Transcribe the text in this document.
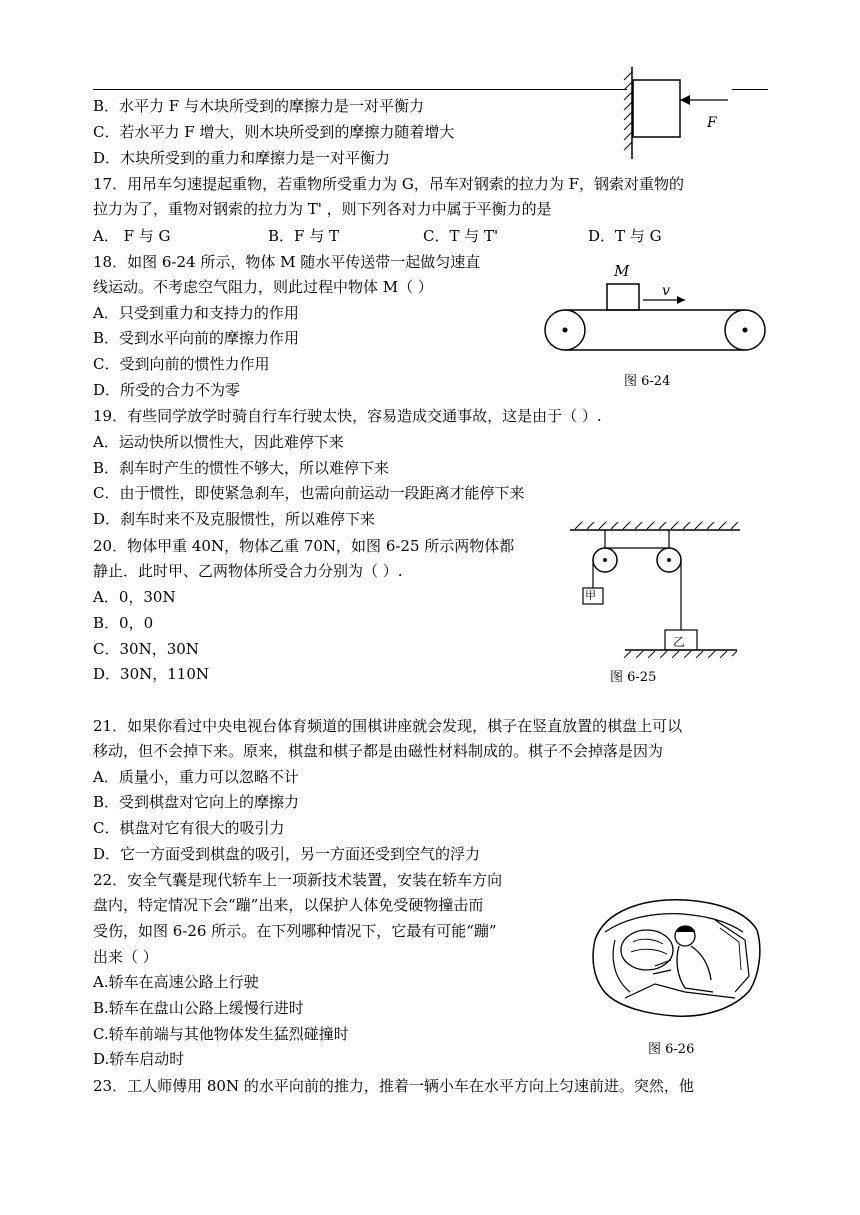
F
B．水平力 F 与木块所受到的摩擦力是一对平衡力
C．若水平力 F 增大，则木块所受到的摩擦力随着增大
D．木块所受到的重力和摩擦力是一对平衡力
17．用吊车匀速提起重物，若重物所受重力为 G，吊车对钢索的拉力为 F，钢索对重物的
拉力为了，重物对钢索的拉力为 T' ，则下列各对力中属于平衡力的是
A． F 与 G	B．F 与 T	C．T 与 T'	D．T 与 G
18．如图 6-24 所示，物体 M 随水平传送带一起做匀速直
线运动。不考虑空气阻力，则此过程中物体 M（ ）
A．只受到重力和支持力的作用
B．受到水平向前的摩擦力作用
C．受到向前的惯性力作用
D．所受的合力不为零
M
v
图 6-24
19．有些同学放学时骑自行车行驶太快，容易造成交通事故，这是由于（ ）.
A．运动快所以惯性大，因此难停下来
B．刹车时产生的惯性不够大，所以难停下来
C．由于惯性，即使紧急刹车，也需向前运动一段距离才能停下来
D．刹车时来不及克服惯性，所以难停下来
20．物体甲重 40N，物体乙重 70N，如图 6-25 所示两物体都
静止．此时甲、乙两物体所受合力分别为（ ）.
A．0，30N
B．0，0
C．30N，30N
D．30N，110N
甲
乙
图 6-25
21．如果你看过中央电视台体育频道的围棋讲座就会发现，棋子在竖直放置的棋盘上可以
移动，但不会掉下来。原来，棋盘和棋子都是由磁性材料制成的。棋子不会掉落是因为
A．质量小，重力可以忽略不计
B．受到棋盘对它向上的摩擦力
C．棋盘对它有很大的吸引力
D．它一方面受到棋盘的吸引，另一方面还受到空气的浮力
22．安全气囊是现代轿车上一项新技术装置，安装在轿车方向
盘内，特定情况下会“蹦”出来，以保护人体免受硬物撞击而
受伤，如图 6-26 所示。在下列哪种情况下，它最有可能“蹦”
出来（ ）
A.轿车在高速公路上行驶
B.轿车在盘山公路上缓慢行进时
C.轿车前端与其他物体发生猛烈碰撞时
D.轿车启动时
图 6-26
23．工人师傅用 80N 的水平向前的推力，推着一辆小车在水平方向上匀速前进。突然，他
